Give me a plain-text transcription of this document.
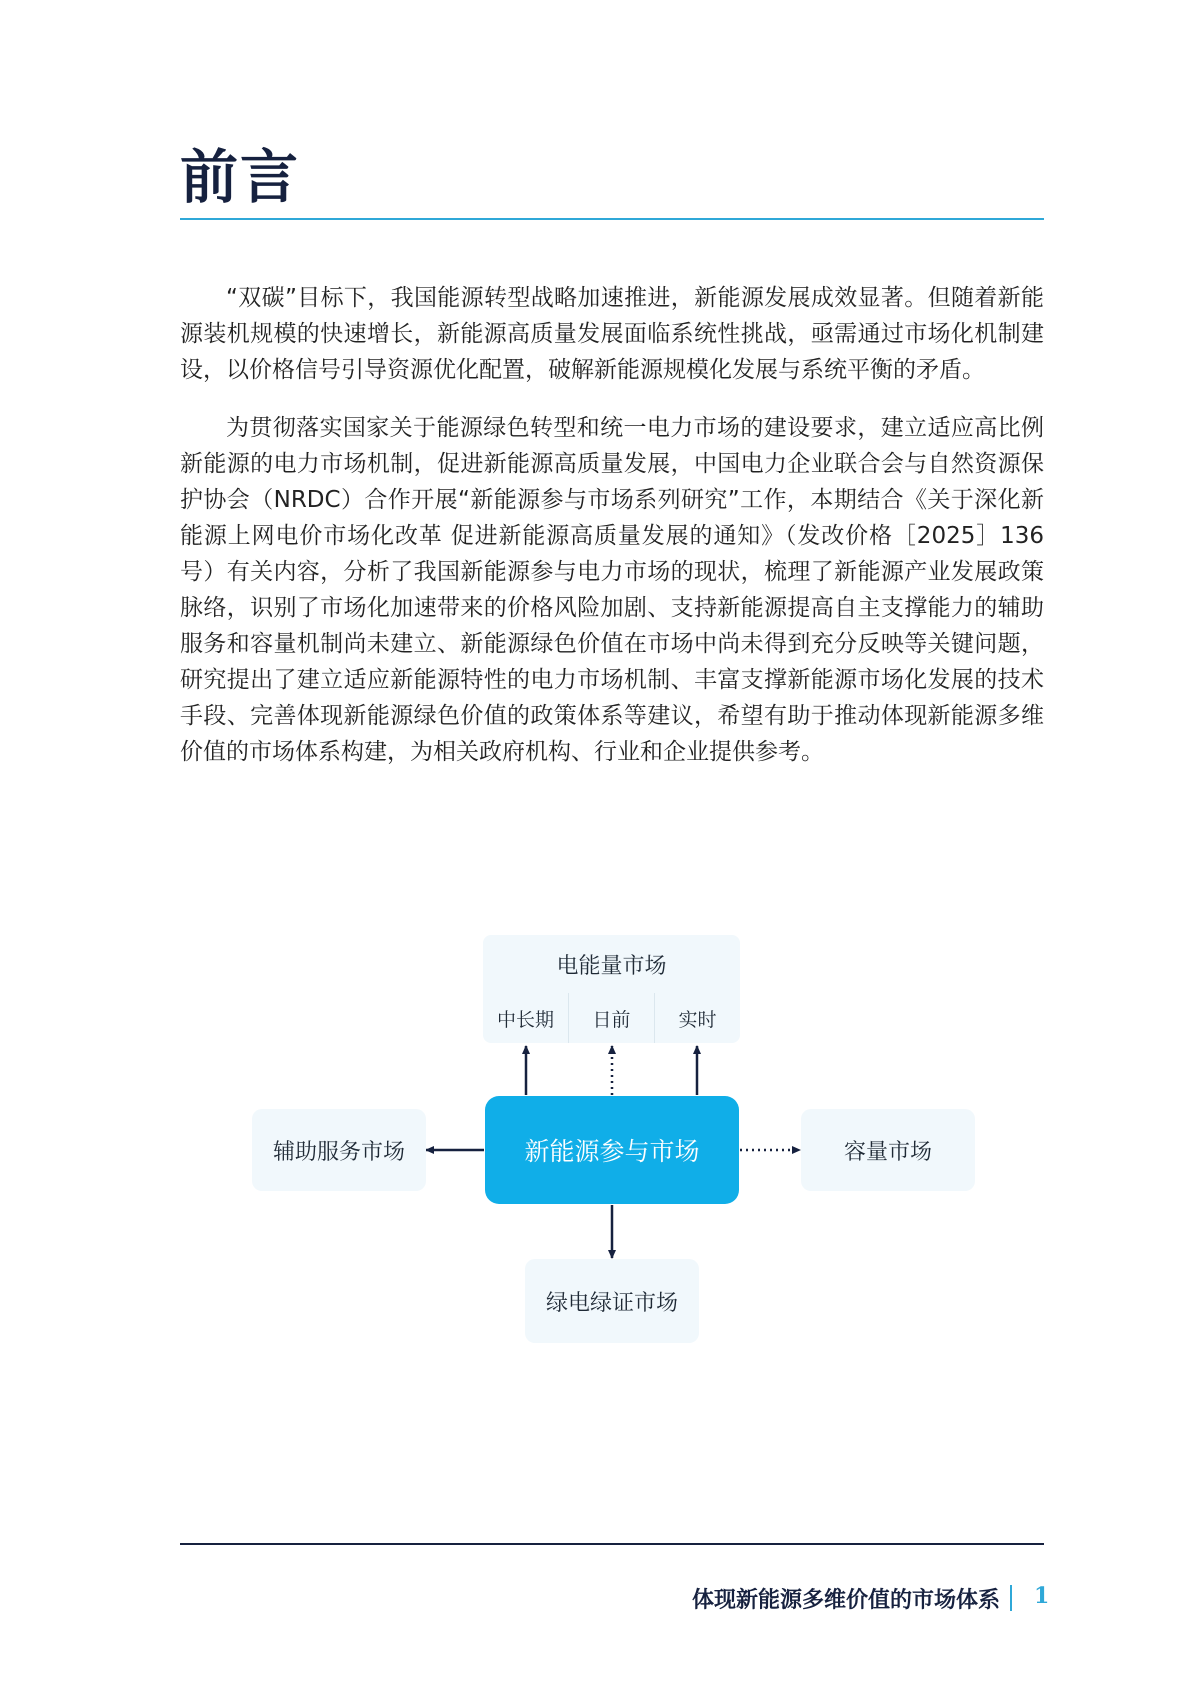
前言

“双碳”目标下，我国能源转型战略加速推进，新能源发展成效显著。但随着新能源装机规模的快速增长，新能源高质量发展面临系统性挑战，亟需通过市场化机制建设，以价格信号引导资源优化配置，破解新能源规模化发展与系统平衡的矛盾。

为贯彻落实国家关于能源绿色转型和统一电力市场的建设要求，建立适应高比例新能源的电力市场机制，促进新能源高质量发展，中国电力企业联合会与自然资源保护协会（NRDC）合作开展“新能源参与市场系列研究”工作，本期结合《关于深化新能源上网电价市场化改革 促进新能源高质量发展的通知》（发改价格［2025］136号）有关内容，分析了我国新能源参与电力市场的现状，梳理了新能源产业发展政策脉络，识别了市场化加速带来的价格风险加剧、支持新能源提高自主支撑能力的辅助服务和容量机制尚未建立、新能源绿色价值在市场中尚未得到充分反映等关键问题，研究提出了建立适应新能源特性的电力市场机制、丰富支撑新能源市场化发展的技术手段、完善体现新能源绿色价值的政策体系等建议，希望有助于推动体现新能源多维价值的市场体系构建，为相关政府机构、行业和企业提供参考。

电能量市场
中长期	日前	实时
新能源参与市场
辅助服务市场	容量市场
绿电绿证市场
体现新能源多维价值的市场体系 1
